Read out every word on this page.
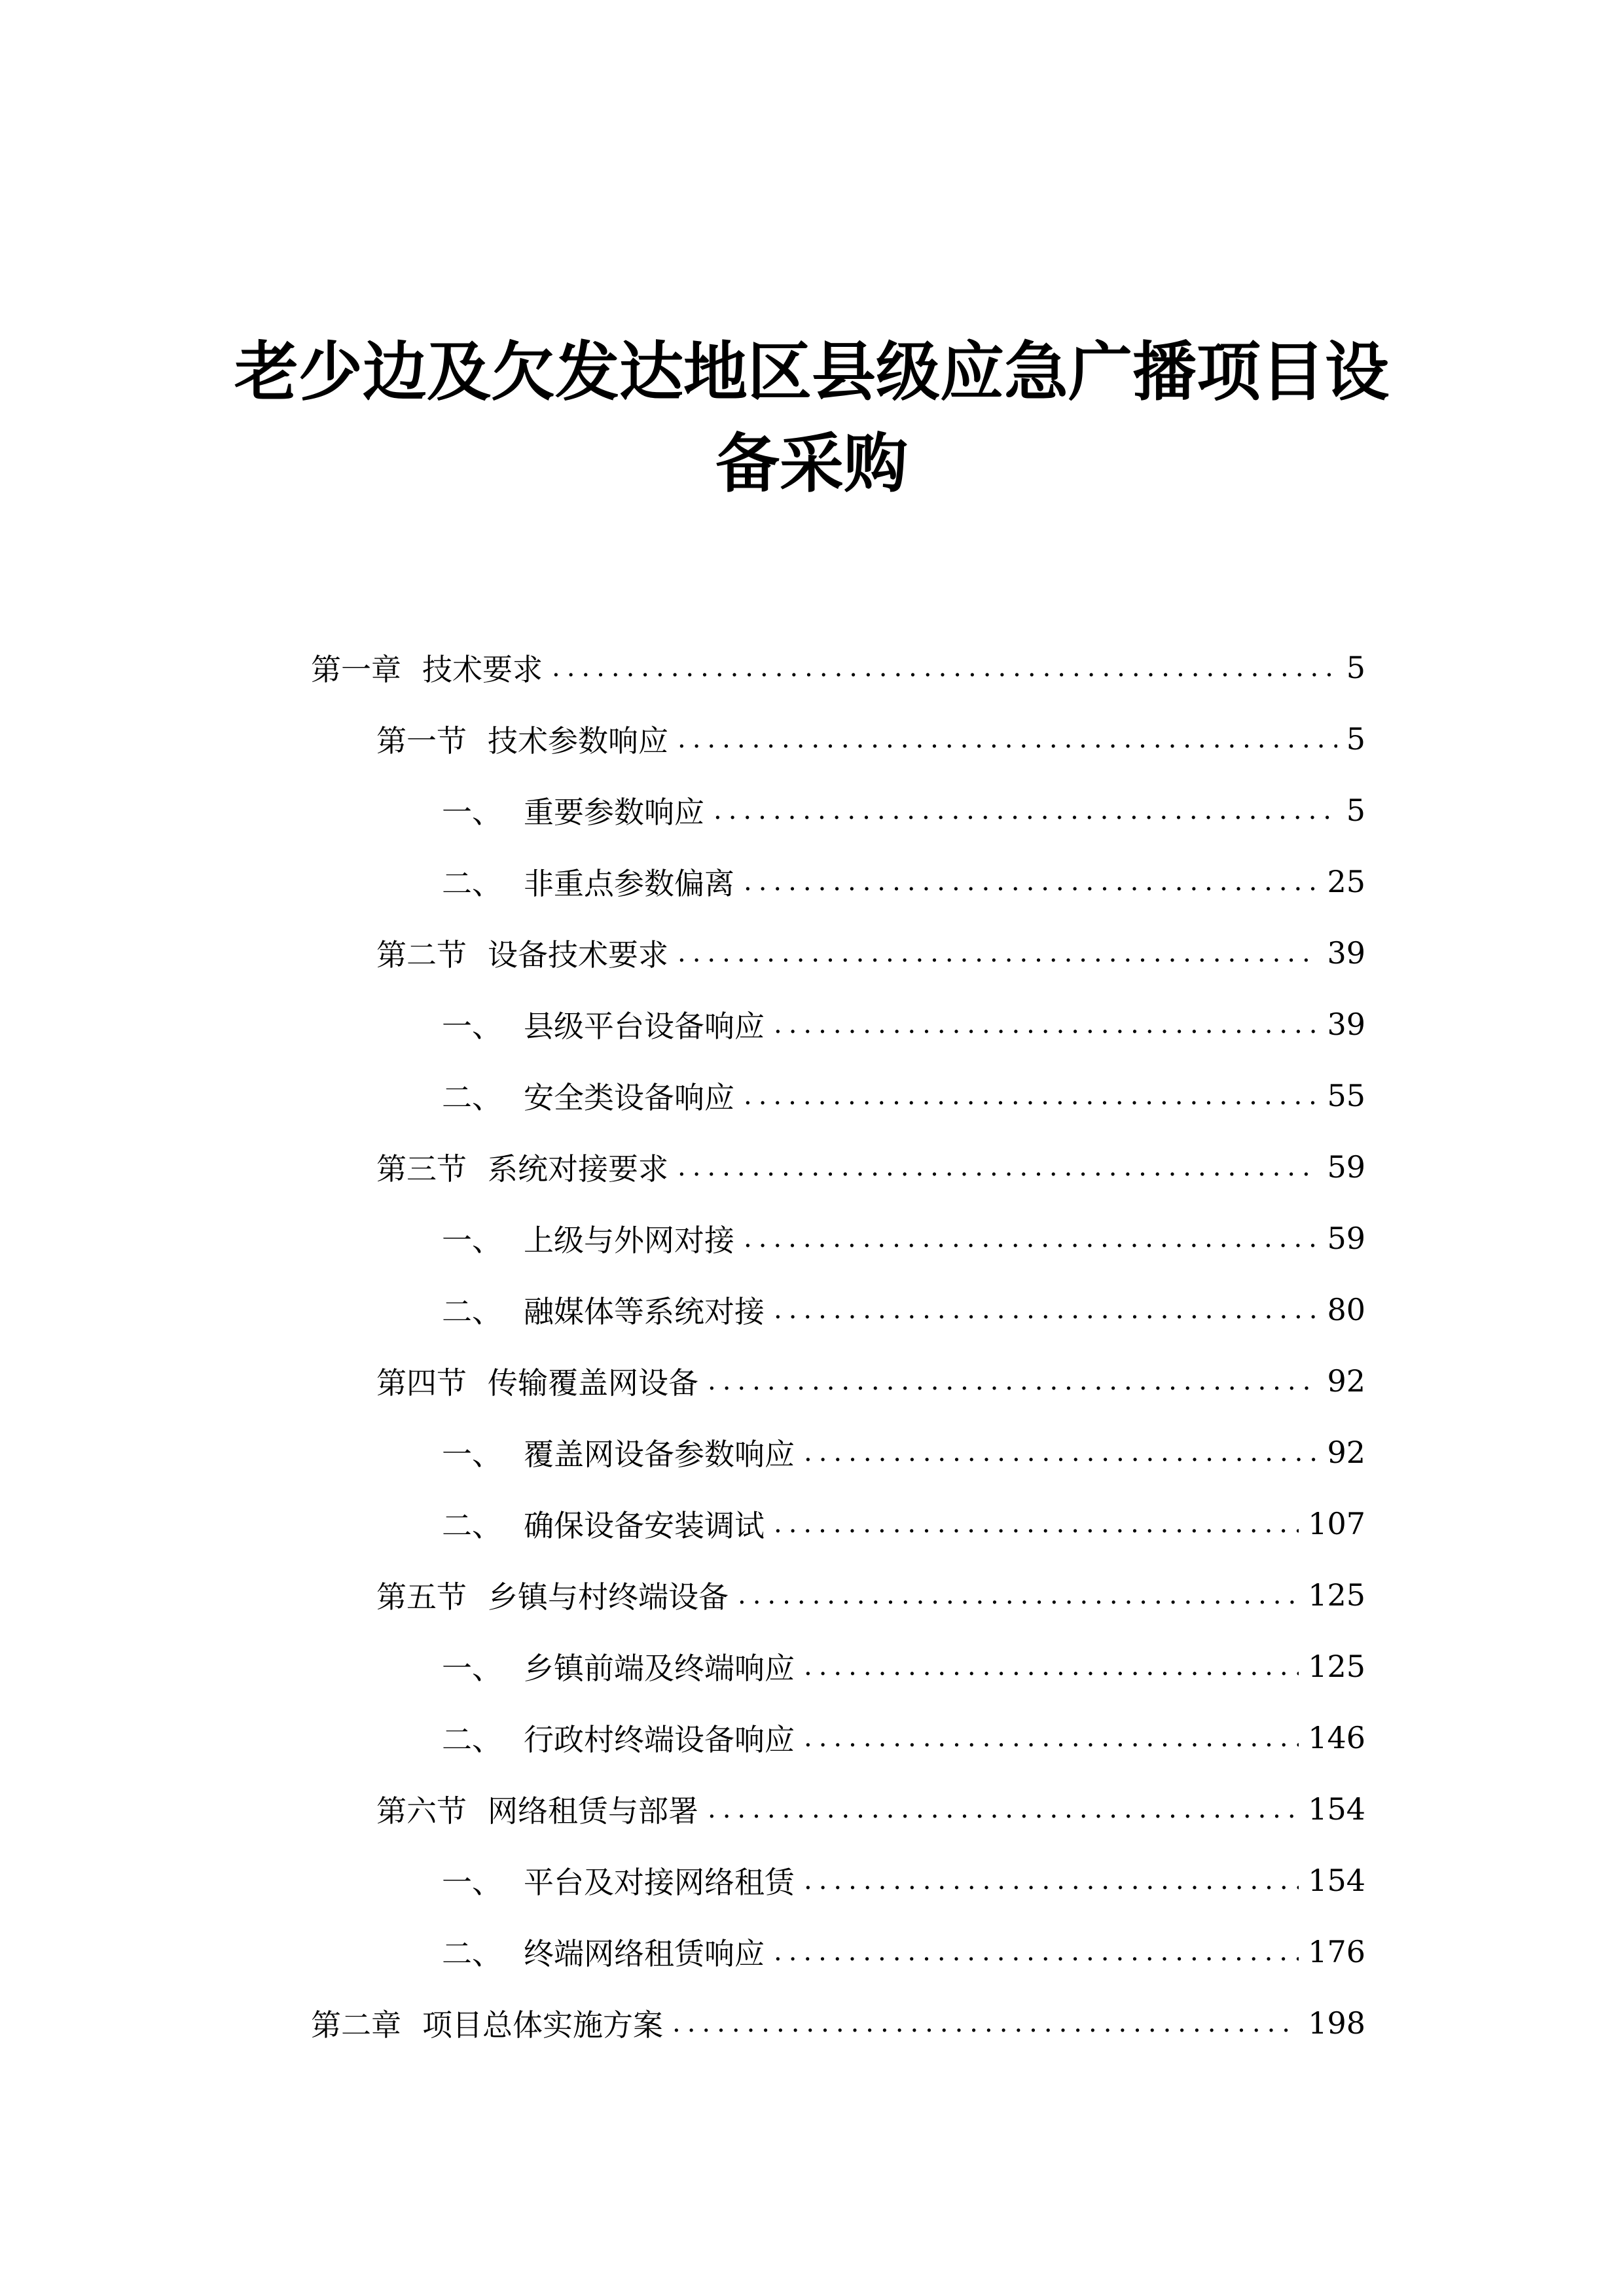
老少边及欠发达地区县级应急广播项目设
备采购
第一章 技术要求 .....	5
第一节 技术参数响应 .....	5
一、 重要参数响应 .....	5
二、 非重点参数偏离 .....	25
第二节 设备技术要求 .....	39
一、 县级平台设备响应 .....	39
二、 安全类设备响应 .....	55
第三节 系统对接要求 .....	59
一、 上级与外网对接 .....	59
二、 融媒体等系统对接 .....	80
第四节 传输覆盖网设备 .....	92
一、 覆盖网设备参数响应 .....	92
二、 确保设备安装调试 .....	107
第五节 乡镇与村终端设备 .....	125
一、 乡镇前端及终端响应 .....	125
二、 行政村终端设备响应 .....	146
第六节 网络租赁与部署 .....	154
一、 平台及对接网络租赁 .....	154
二、 终端网络租赁响应 .....	176
第二章 项目总体实施方案 .....	198
